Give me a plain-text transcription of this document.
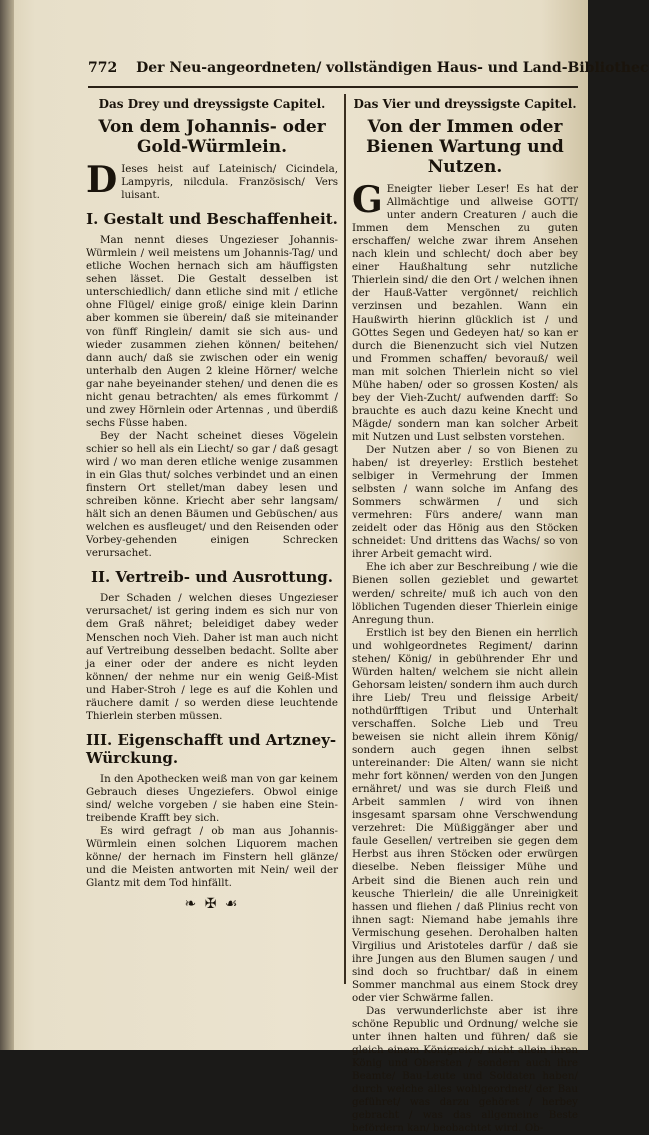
772 Der Neu-angeordneten/ vollständigen Haus- und Land-Bibliothec
Das Drey und dreyssigste Capitel.
Von dem Johannis- oder Gold-Würmlein.

D Ieses heist auf Lateinisch/ Cicindela, Lampyris, nilcdula. Französisch/ Vers luisant.

I. Gestalt und Beschaffenheit.

Man nennt dieses Ungezieser Johannis-Würmlein / weil meistens um Johannis-Tag/ und etliche Wochen hernach sich am häuffigsten sehen lässet. Die Gestalt desselben ist unterschiedlich/ dann etliche sind mit / etliche ohne Flügel/ einige groß/ einige klein Darinn aber kommen sie überein/ daß sie miteinander von fünff Ringlein/ damit sie sich aus- und wieder zusammen ziehen können/ beitehen/ dann auch/ daß sie zwischen oder ein wenig unterhalb den Augen 2 kleine Hörner/ welche gar nahe beyeinander stehen/ und denen die es nicht genau betrachten/ als emes fürkommt / und zwey Hörnlein oder Artennas , und überdiß sechs Füsse haben.

Bey der Nacht scheinet dieses Vögelein schier so hell als ein Liecht/ so gar / daß gesagt wird / wo man deren etliche wenige zusammen in ein Glas thut/ solches verbindet und an einen finstern Ort stellet/man dabey lesen und schreiben könne. Kriecht aber sehr langsam/ hält sich an denen Bäumen und Gebüschen/ aus welchen es ausfleuget/ und den Reisenden oder Vorbey-gehenden einigen Schrecken verursachet.

II. Vertreib- und Ausrottung.

Der Schaden / welchen dieses Ungezieser verursachet/ ist gering indem es sich nur von dem Graß nähret; beleidiget dabey weder Menschen noch Vieh. Daher ist man auch nicht auf Vertreibung desselben bedacht. Sollte aber ja einer oder der andere es nicht leyden können/ der nehme nur ein wenig Geiß-Mist und Haber-Stroh / lege es auf die Kohlen und räuchere damit / so werden diese leuchtende Thierlein sterben müssen.

III. Eigenschafft und Artzney-Würckung.

In den Apothecken weiß man von gar keinem Gebrauch dieses Ungeziefers. Obwol einige sind/ welche vorgeben / sie haben eine Stein-treibende Krafft bey sich.

Es wird gefragt / ob man aus Johannis-Würmlein einen solchen Liquorem machen könne/ der hernach im Finstern hell glänze/ und die Meisten antworten mit Nein/ weil der Glantz mit dem Tod hinfällt.

❧ ✠ ☙
Das Vier und dreyssigste Capitel.
Von der Immen oder Bienen Wartung und Nutzen.

G Eneigter lieber Leser! Es hat der Allmächtige und allweise GOTT/ unter andern Creaturen / auch die Immen dem Menschen zu guten erschaffen/ welche zwar ihrem Ansehen nach klein und schlecht/ doch aber bey einer Haußhaltung sehr nutzliche Thierlein sind/ die den Ort / welchen ihnen der Hauß-Vatter vergönnet/ reichlich verzinsen und bezahlen. Wann ein Haußwirth hierinn glücklich ist / und GOttes Segen und Gedeyen hat/ so kan er durch die Bienenzucht sich viel Nutzen und Frommen schaffen/ bevorauß/ weil man mit solchen Thierlein nicht so viel Mühe haben/ oder so grossen Kosten/ als bey der Vieh-Zucht/ aufwenden darff: So brauchte es auch dazu keine Knecht und Mägde/ sondern man kan solcher Arbeit mit Nutzen und Lust selbsten vorstehen.

Der Nutzen aber / so von Bienen zu haben/ ist dreyerley: Erstlich bestehet selbiger in Vermehrung der Immen selbsten / wann solche im Anfang des Sommers schwärmen / und sich vermehren: Fürs andere/ wann man zeidelt oder das Hönig aus den Stöcken schneidet: Und drittens das Wachs/ so von ihrer Arbeit gemacht wird.

Ehe ich aber zur Beschreibung / wie die Bienen sollen gezieblet und gewartet werden/ schreite/ muß ich auch von den löblichen Tugenden dieser Thierlein einige Anregung thun.

Erstlich ist bey den Bienen ein herrlich und wohlgeordnetes Regiment/ darinn stehen/ König/ in gebührender Ehr und Würden halten/ welchem sie nicht allein Gehorsam leisten/ sondern ihm auch durch ihre Lieb/ Treu und fleissige Arbeit/ nothdürfftigen Tribut und Unterhalt verschaffen. Solche Lieb und Treu beweisen sie nicht allein ihrem König/ sondern auch gegen ihnen selbst untereinander: Die Alten/ wann sie nicht mehr fort können/ werden von den Jungen ernähret/ und was sie durch Fleiß und Arbeit sammlen / wird von ihnen insgesamt sparsam ohne Verschwendung verzehret: Die Müßiggänger aber und faule Gesellen/ vertreiben sie gegen dem Herbst aus ihren Stöcken oder erwürgen dieselbe. Neben fleissiger Mühe und Arbeit sind die Bienen auch rein und keusche Thierlein/ die alle Unreinigkeit hassen und fliehen / daß Plinius recht von ihnen sagt: Niemand habe jemahls ihre Vermischung gesehen. Derohalben halten Virgilius und Aristoteles darfür / daß sie ihre Jungen aus den Blumen saugen / und sind doch so fruchtbar/ daß in einem Sommer manchmal aus einem Stock drey oder vier Schwärme fallen.

Das verwunderlichste aber ist ihre schöne Republic und Ordnung/ welche sie unter ihnen halten und führen/ daß sie gleich einem Königreich/ nicht allein ihren König und Obersten / sondern auch ihre Beamte/ Bau-Leute und Soldaten haben/ durch welche alles wohlgeordnet/ der Bau geführet/ was darzu gehöret / herbey gebracht / was das allgemeine Beste befördern kan/ beobachtet wird. Ob-
